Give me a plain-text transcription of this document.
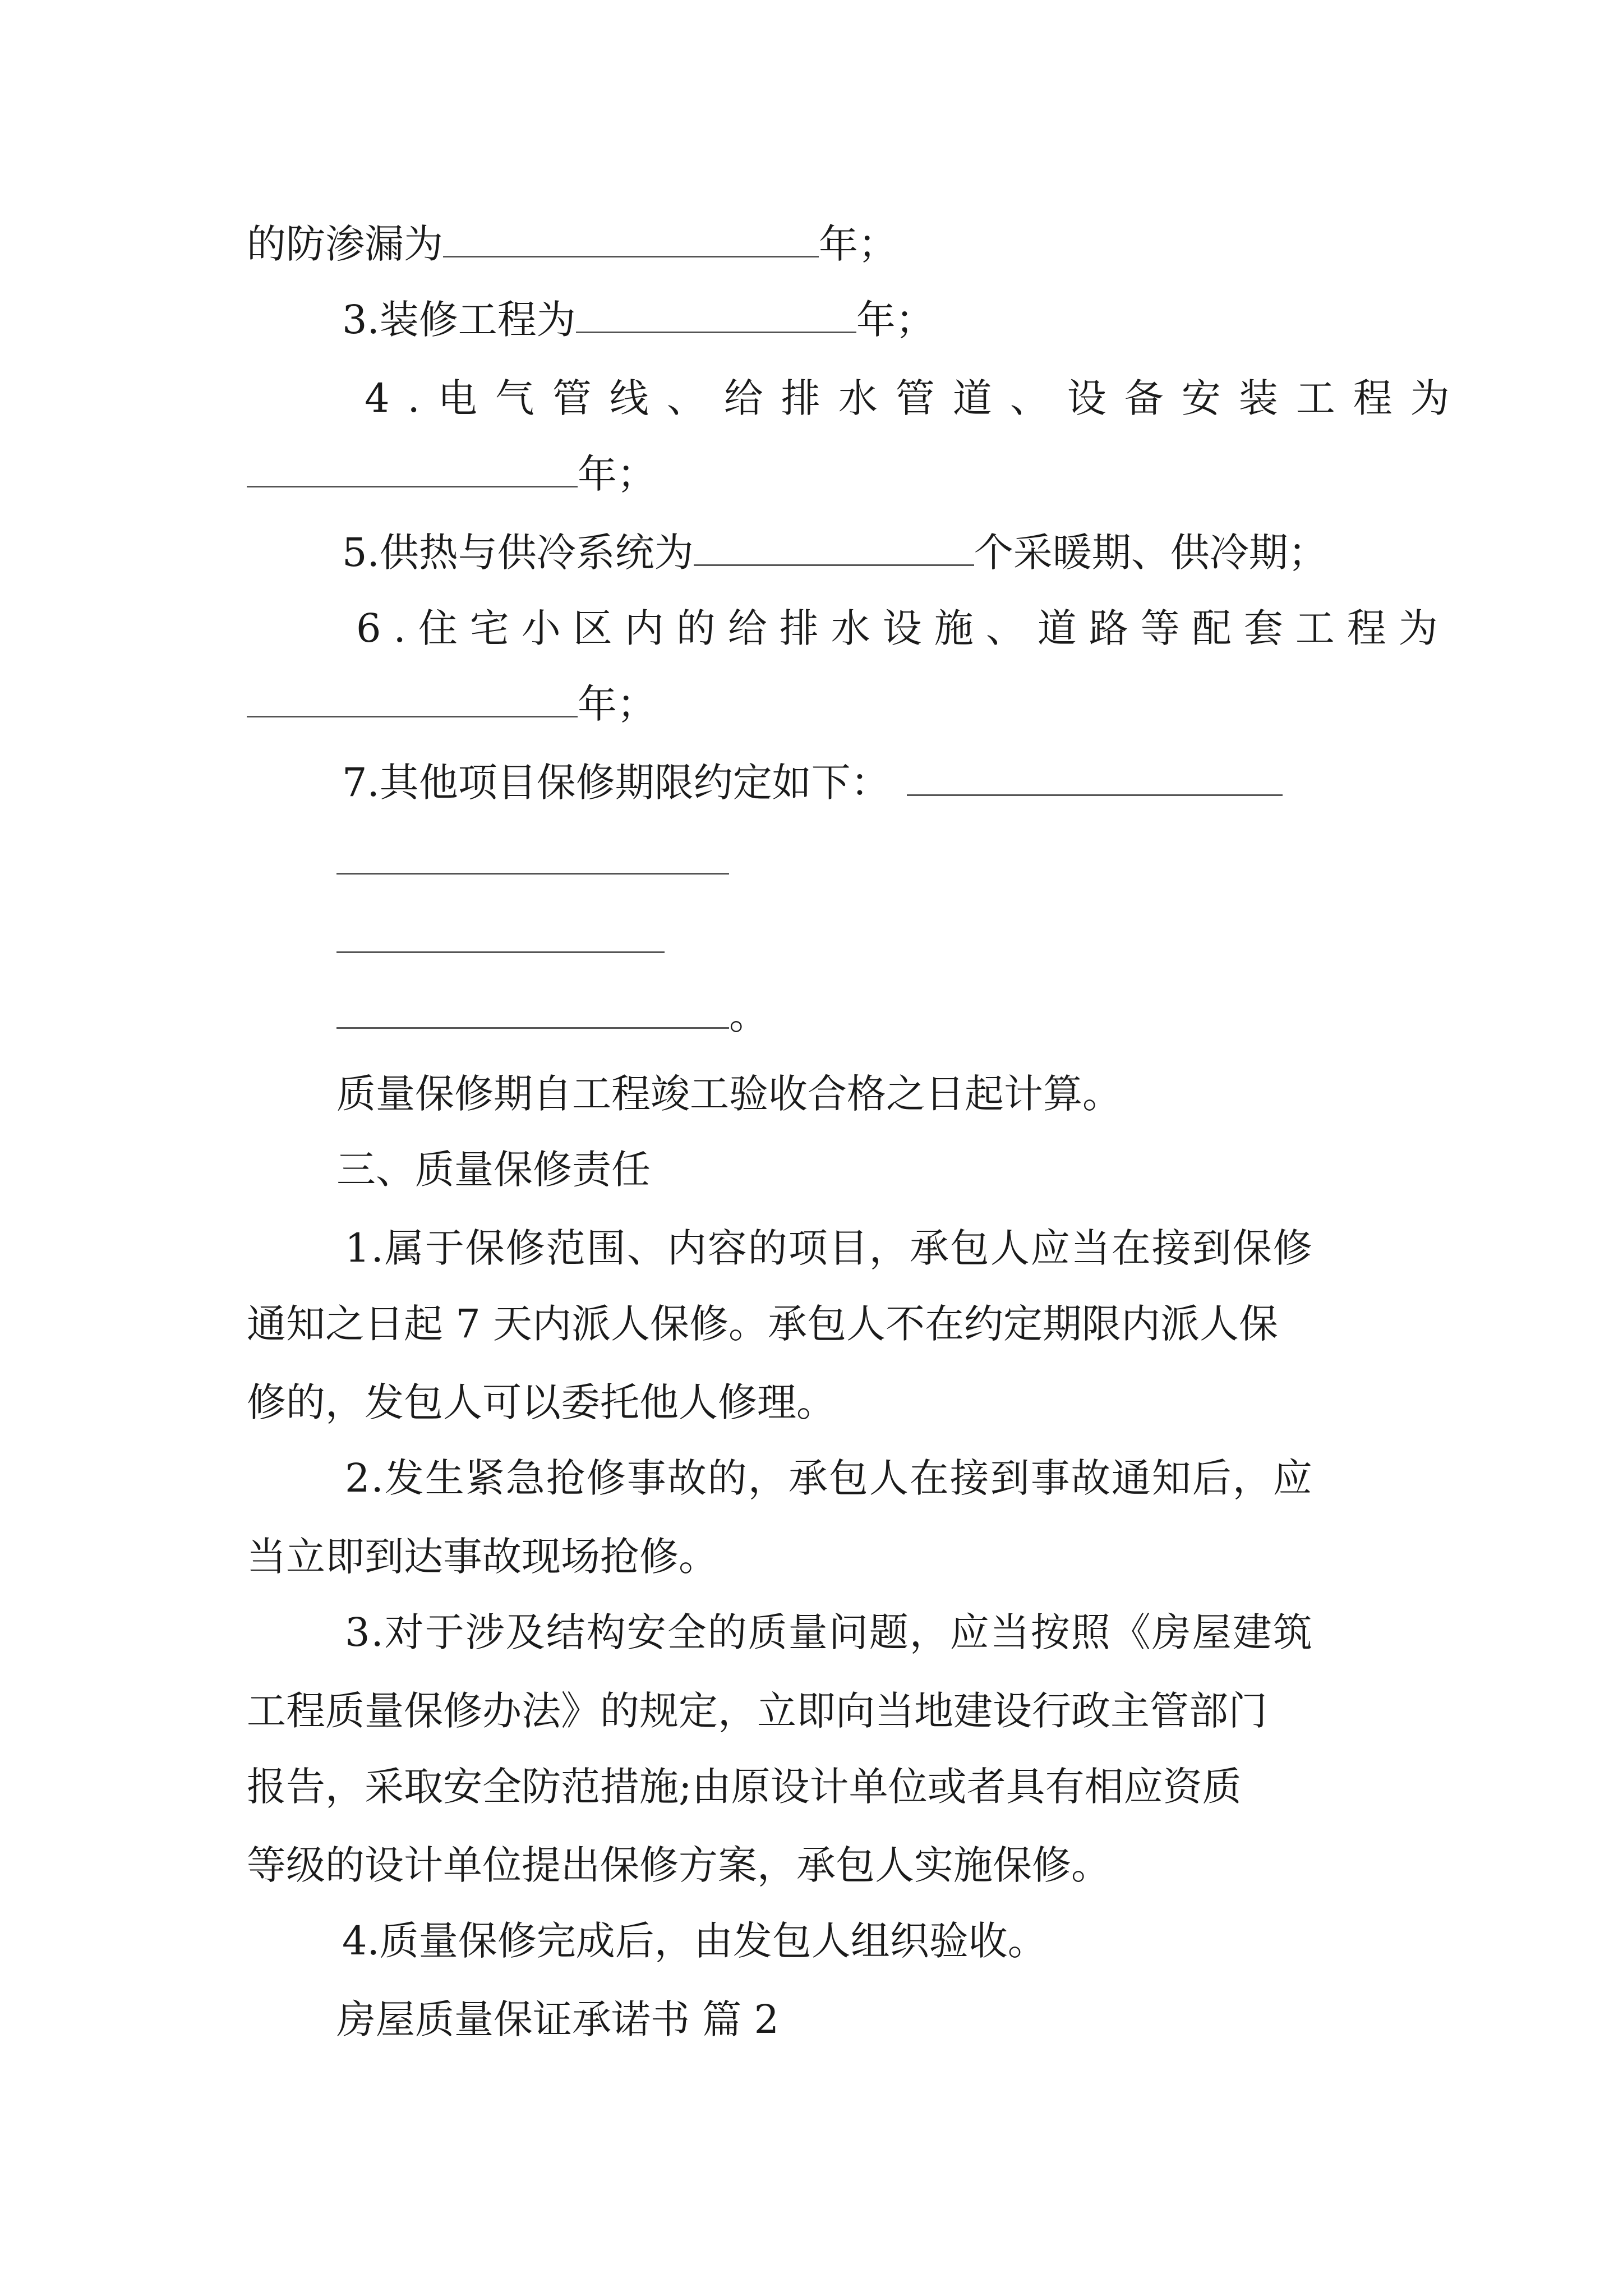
的防渗漏为	年；
3.装修工程为	年；
4.电气管线、给排水管道、设备安装工程为
年；
5.供热与供冷系统为	个采暖期、供冷期；
6.住宅小区内的给排水设施、道路等配套工程为
年；
7.其他项目保修期限约定如下：
。
质量保修期自工程竣工验收合格之日起计算。
三、质量保修责任
1.属于保修范围、内容的项目，承包人应当在接到保修
通知之日起 7 天内派人保修。承包人不在约定期限内派人保
修的，发包人可以委托他人修理。
2.发生紧急抢修事故的，承包人在接到事故通知后，应
当立即到达事故现场抢修。
3.对于涉及结构安全的质量问题，应当按照《房屋建筑
工程质量保修办法》的规定，立即向当地建设行政主管部门
报告，采取安全防范措施;由原设计单位或者具有相应资质
等级的设计单位提出保修方案，承包人实施保修。
4.质量保修完成后，由发包人组织验收。
房屋质量保证承诺书 篇 2
